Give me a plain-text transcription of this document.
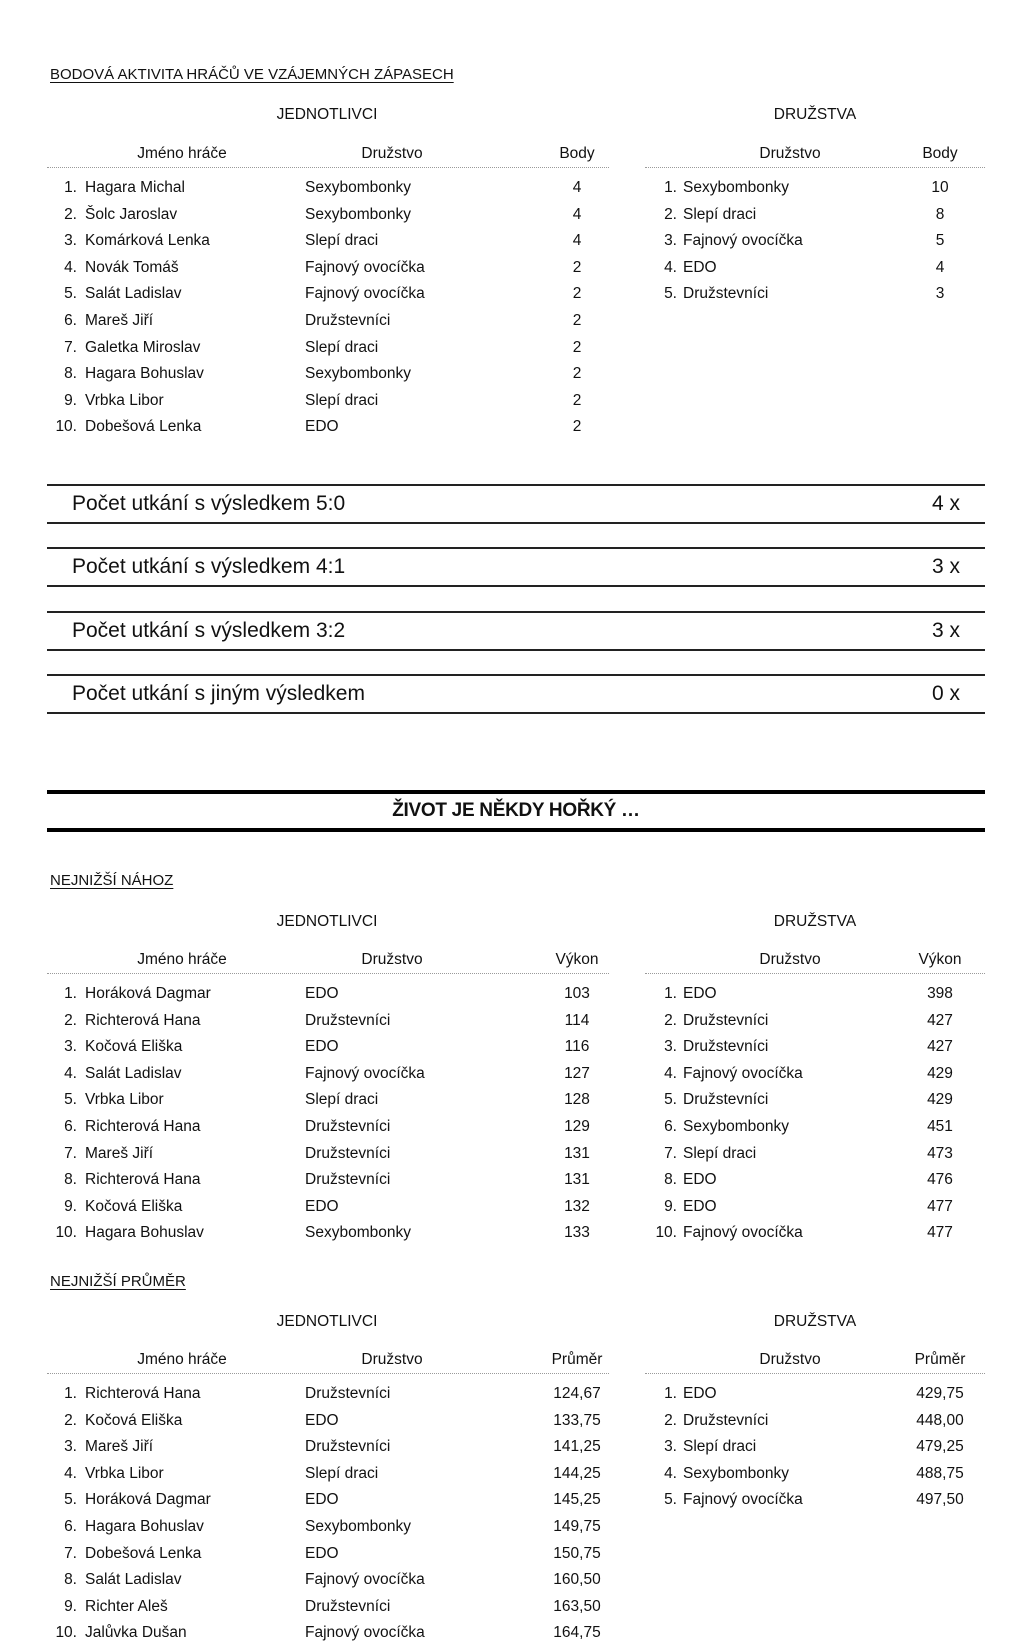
BODOVÁ AKTIVITA HRÁČŮ VE VZÁJEMNÝCH ZÁPASECH
JEDNOTLIVCI	DRUŽSTVA
Jméno hráče	Družstvo	Body
1. Hagara Michal	Sexybombonky	4
2. Šolc Jaroslav	Sexybombonky	4
3. Komárková Lenka	Slepí draci	4
4. Novák Tomáš	Fajnový ovocíčka	2
5. Salát Ladislav	Fajnový ovocíčka	2
6. Mareš Jiří	Družstevníci	2
7. Galetka Miroslav	Slepí draci	2
8. Hagara Bohuslav	Sexybombonky	2
9. Vrbka Libor	Slepí draci	2
10. Dobešová Lenka	EDO	2
Družstvo	Body
1. Sexybombonky	10
2. Slepí draci	8
3. Fajnový ovocíčka	5
4. EDO	4
5. Družstevníci	3
Počet utkání s výsledkem 5:0	4 x
Počet utkání s výsledkem 4:1	3 x
Počet utkání s výsledkem 3:2	3 x
Počet utkání s jiným výsledkem	0 x
ŽIVOT JE NĚKDY HOŘKÝ …
NEJNIŽŠÍ NÁHOZ
JEDNOTLIVCI	DRUŽSTVA
Jméno hráče	Družstvo	Výkon
1. Horáková Dagmar	EDO	103
2. Richterová Hana	Družstevníci	114
3. Kočová Eliška	EDO	116
4. Salát Ladislav	Fajnový ovocíčka	127
5. Vrbka Libor	Slepí draci	128
6. Richterová Hana	Družstevníci	129
7. Mareš Jiří	Družstevníci	131
8. Richterová Hana	Družstevníci	131
9. Kočová Eliška	EDO	132
10. Hagara Bohuslav	Sexybombonky	133
Družstvo	Výkon
1. EDO	398
2. Družstevníci	427
3. Družstevníci	427
4. Fajnový ovocíčka	429
5. Družstevníci	429
6. Sexybombonky	451
7. Slepí draci	473
8. EDO	476
9. EDO	477
10. Fajnový ovocíčka	477
NEJNIŽŠÍ PRŮMĚR
JEDNOTLIVCI	DRUŽSTVA
Jméno hráče	Družstvo	Průměr
1. Richterová Hana	Družstevníci	124,67
2. Kočová Eliška	EDO	133,75
3. Mareš Jiří	Družstevníci	141,25
4. Vrbka Libor	Slepí draci	144,25
5. Horáková Dagmar	EDO	145,25
6. Hagara Bohuslav	Sexybombonky	149,75
7. Dobešová Lenka	EDO	150,75
8. Salát Ladislav	Fajnový ovocíčka	160,50
9. Richter Aleš	Družstevníci	163,50
10. Jalůvka Dušan	Fajnový ovocíčka	164,75
Družstvo	Průměr
1. EDO	429,75
2. Družstevníci	448,00
3. Slepí draci	479,25
4. Sexybombonky	488,75
5. Fajnový ovocíčka	497,50
